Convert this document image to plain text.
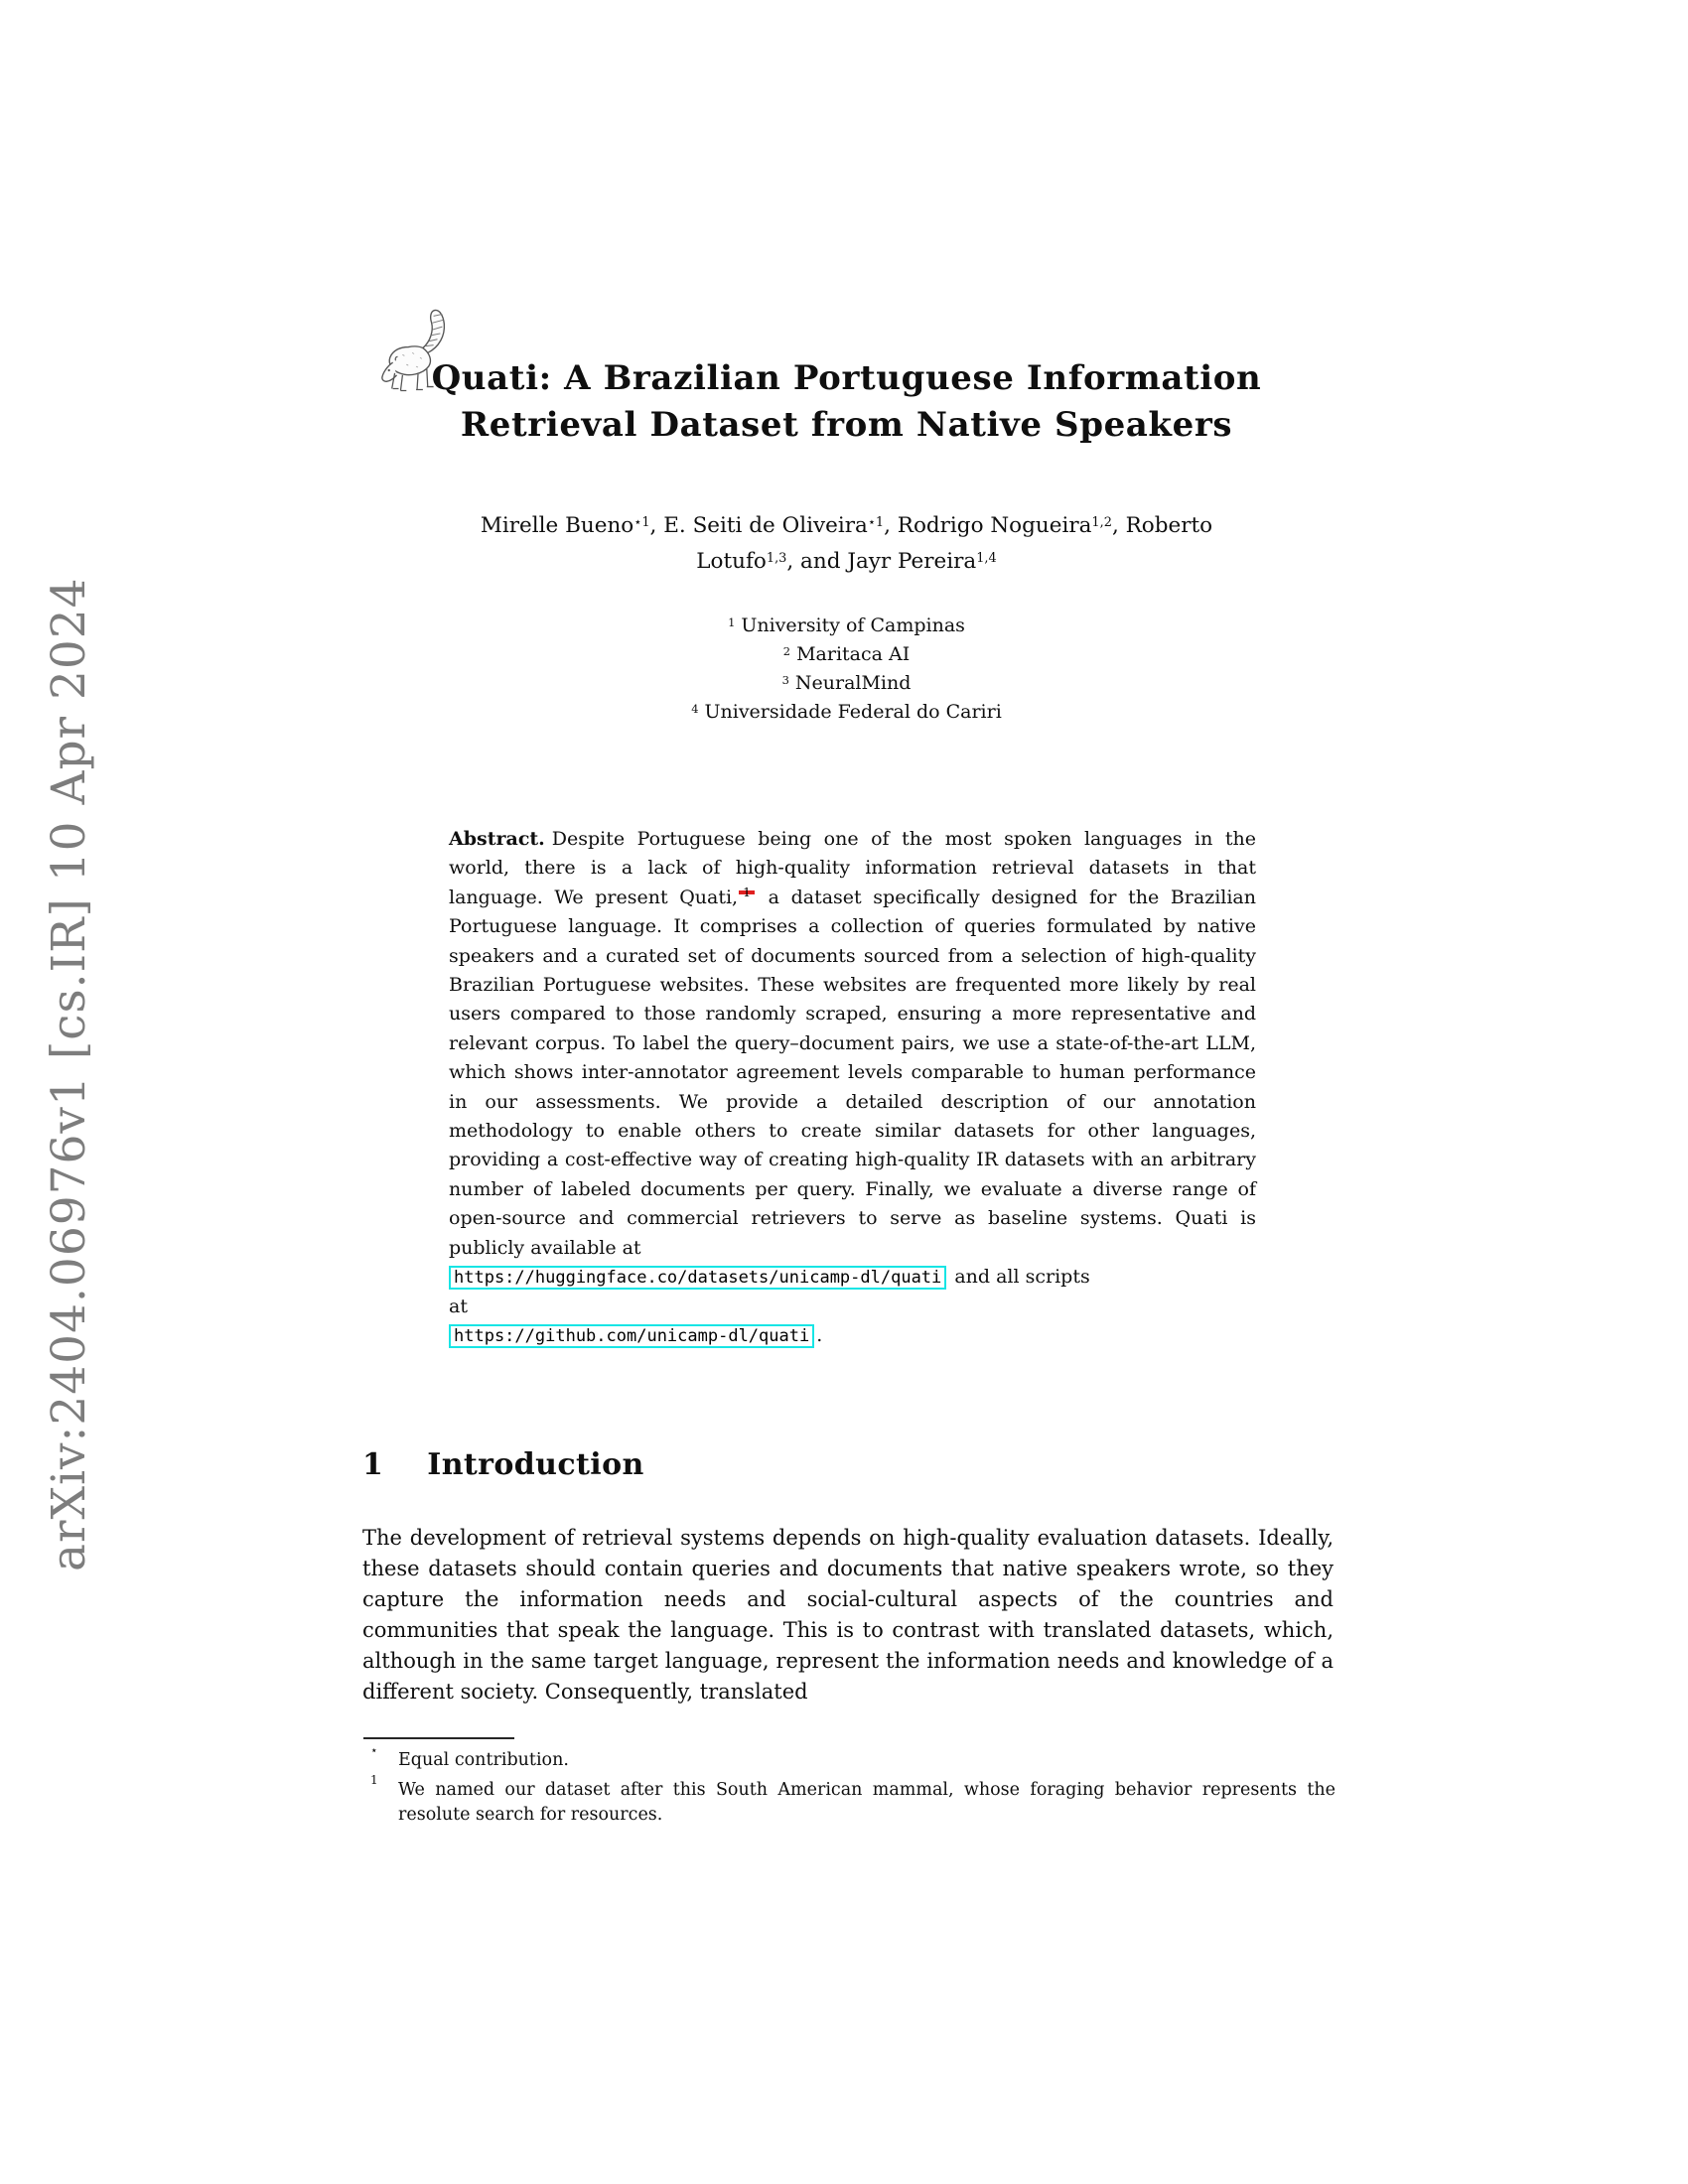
arXiv:2404.06976v1 [cs.IR] 10 Apr 2024
Quati: A Brazilian Portuguese Information
Retrieval Dataset from Native Speakers
Mirelle Bueno$^{⋆1}$, E. Seiti de Oliveira$^{⋆1}$, Rodrigo Nogueira$^{1,2}$, Roberto
Lotufo$^{1,3}$, and Jayr Pereira$^{1,4}$
$^1$ University of Campinas
$^2$ Maritaca AI
$^3$ NeuralMind
$^4$ Universidade Federal do Cariri

Abstract. Despite Portuguese being one of the most spoken languages in the world, there is a lack of high-quality information retrieval datasets in that language. We present Quati, 1 a dataset specifically designed for the Brazilian Portuguese language. It comprises a collection of queries formulated by native speakers and a curated set of documents sourced from a selection of high-quality Brazilian Portuguese websites. These websites are frequented more likely by real users compared to those randomly scraped, ensuring a more representative and relevant corpus. To label the query–document pairs, we use a state-of-the-art LLM, which shows inter-annotator agreement levels comparable to human performance in our assessments. We provide a detailed description of our annotation methodology to enable others to create similar datasets for other languages, providing a cost-effective way of creating high-quality IR datasets with an arbitrary number of labeled documents per query. Finally, we evaluate a diverse range of open-source and commercial retrievers to serve as baseline systems. Quati is publicly available at
https://huggingface.co/datasets/unicamp-dl/quati and all scripts
at
https://github.com/unicamp-dl/quati .

1 Introduction

The development of retrieval systems depends on high-quality evaluation datasets. Ideally, these datasets should contain queries and documents that native speakers wrote, so they capture the information needs and social-cultural aspects of the countries and communities that speak the language. This is to contrast with translated datasets, which, although in the same target language, represent the information needs and knowledge of a different society. Consequently, translated

⋆ Equal contribution.
1 We named our dataset after this South American mammal, whose foraging behavior represents the resolute search for resources.
